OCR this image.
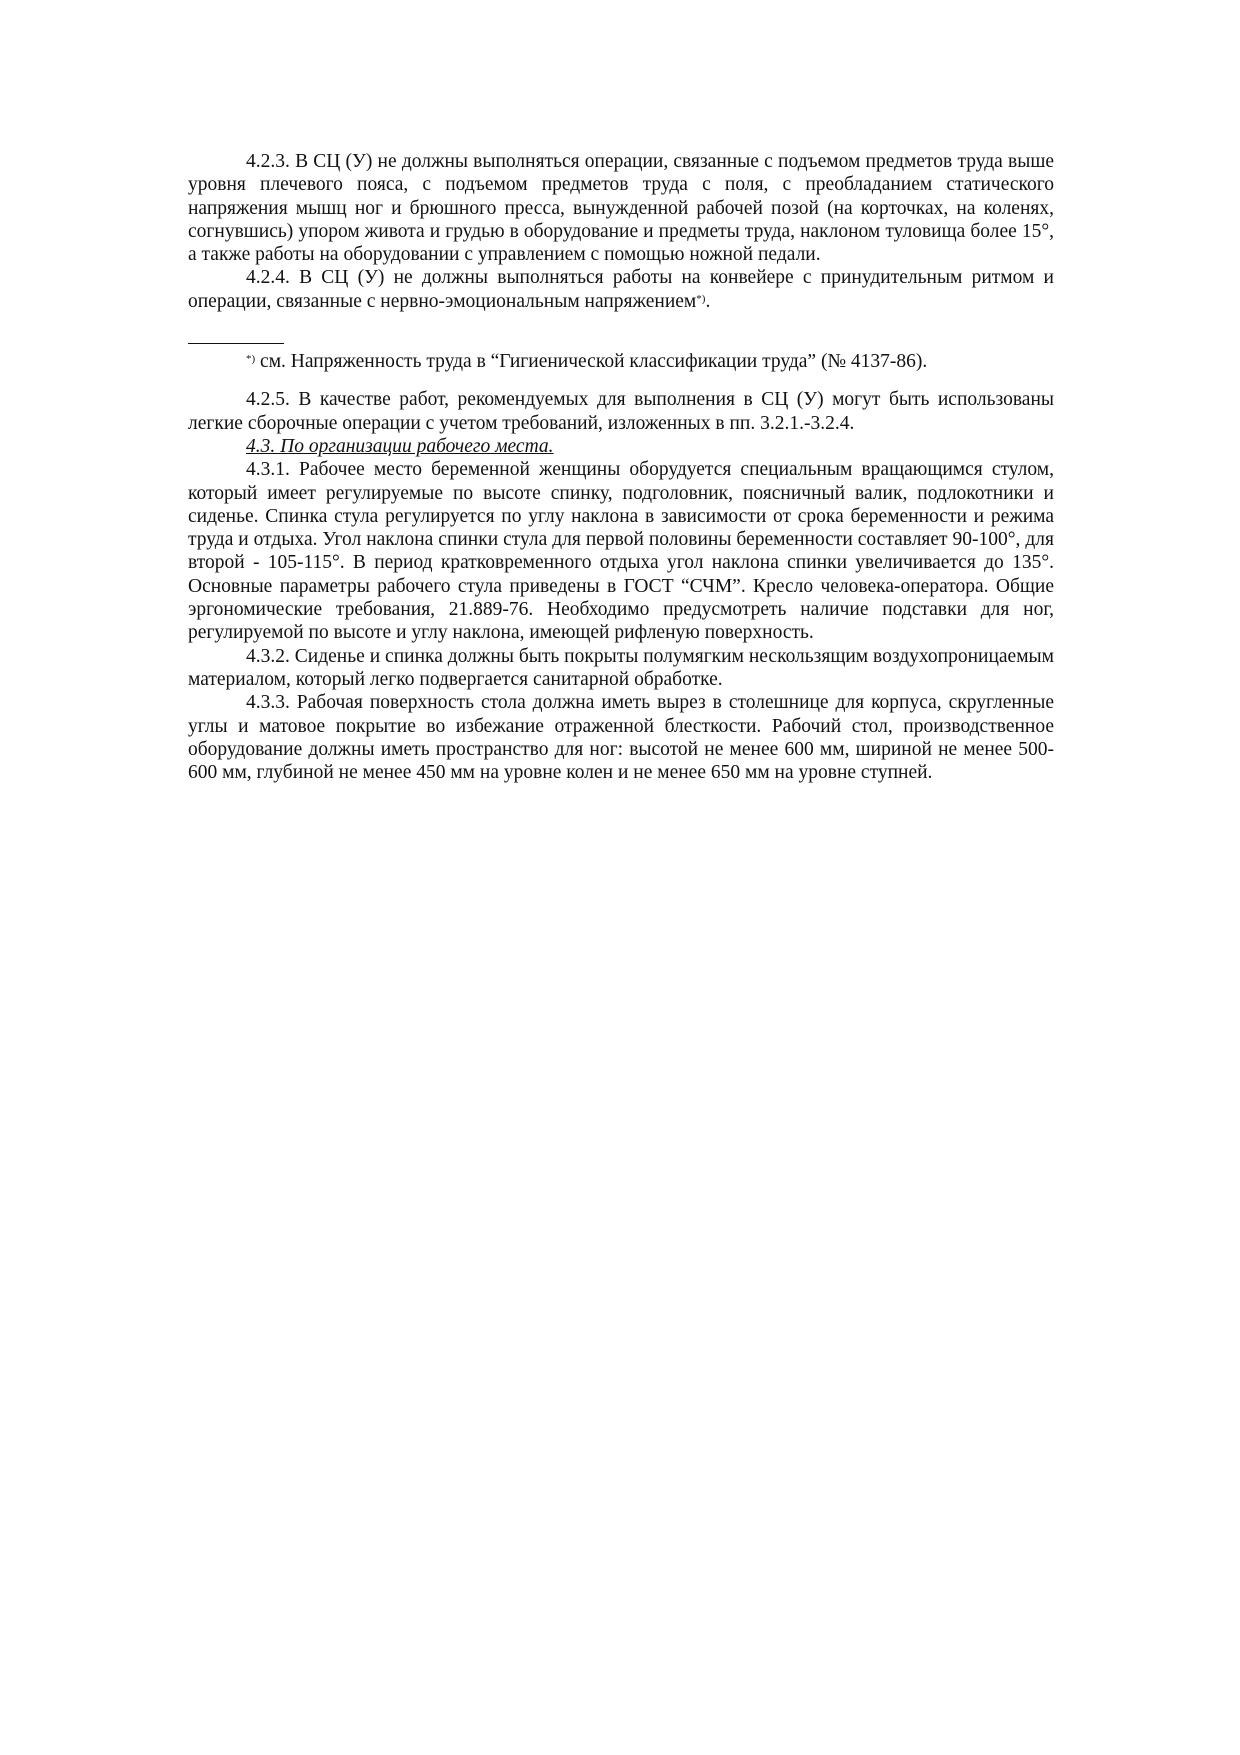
4.2.3. В СЦ (У) не должны выполняться операции, связанные с подъемом предметов труда выше уровня плечевого пояса, с подъемом предметов труда с поля, с преобладанием статического напряжения мышц ног и брюшного пресса, вынужденной рабочей позой (на корточках, на коленях, согнувшись) упором живота и грудью в оборудование и предметы труда, наклоном туловища более 15°, а также работы на оборудовании с управлением с помощью ножной педали.

4.2.4. В СЦ (У) не должны выполняться работы на конвейере с принудительным ритмом и операции, связанные с нервно-эмоциональным напряжением*).

*) см. Напряженность труда в “Гигиенической классификации труда” (№ 4137-86).

4.2.5. В качестве работ, рекомендуемых для выполнения в СЦ (У) могут быть использованы легкие сборочные операции с учетом требований, изложенных в пп. 3.2.1.-3.2.4.

4.3. По организации рабочего места.

4.3.1. Рабочее место беременной женщины оборудуется специальным вращающимся стулом, который имеет регулируемые по высоте спинку, подголовник, поясничный валик, подлокотники и сиденье. Спинка стула регулируется по углу наклона в зависимости от срока беременности и режима труда и отдыха. Угол наклона спинки стула для первой половины беременности составляет 90-100°, для второй - 105-115°. В период кратковременного отдыха угол наклона спинки увеличивается до 135°. Основные параметры рабочего стула приведены в ГОСТ “СЧМ”. Кресло человека-оператора. Общие эргономические требования, 21.889-76. Необходимо предусмотреть наличие подставки для ног, регулируемой по высоте и углу наклона, имеющей рифленую поверхность.

4.3.2. Сиденье и спинка должны быть покрыты полумягким нескользящим воздухопроницаемым материалом, который легко подвергается санитарной обработке.

4.3.3. Рабочая поверхность стола должна иметь вырез в столешнице для корпуса, скругленные углы и матовое покрытие во избежание отраженной блесткости. Рабочий стол, производственное оборудование должны иметь пространство для ног: высотой не менее 600 мм, шириной не менее 500-600 мм, глубиной не менее 450 мм на уровне колен и не менее 650 мм на уровне ступней.
